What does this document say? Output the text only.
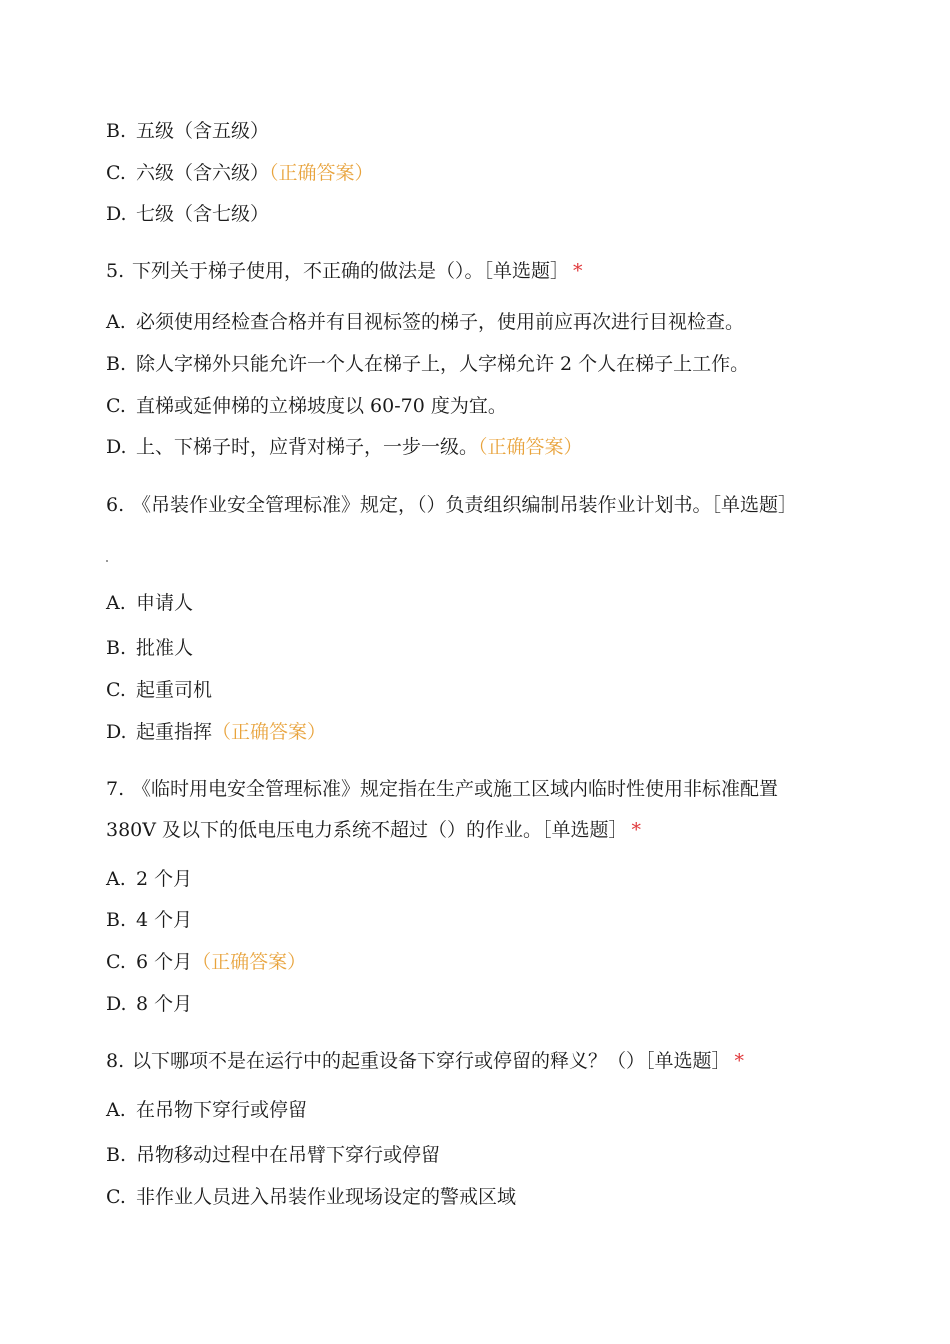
B. 五级（含五级）
C. 六级（含六级）（正确答案）
D. 七级（含七级）
5. 下列关于梯子使用，不正确的做法是（）。［单选题］ *
A. 必须使用经检查合格并有目视标签的梯子，使用前应再次进行目视检查。
B. 除人字梯外只能允许一个人在梯子上，人字梯允许 2 个人在梯子上工作。
C. 直梯或延伸梯的立梯坡度以 60-70 度为宜。
D. 上、下梯子时，应背对梯子，一步一级。（正确答案）
6. 《吊装作业安全管理标准》规定，（）负责组织编制吊装作业计划书。［单选题］
A. 申请人
B. 批准人
C. 起重司机
D. 起重指挥（正确答案）
7. 《临时用电安全管理标准》规定指在生产或施工区域内临时性使用非标准配置
380V 及以下的低电压电力系统不超过（）的作业。［单选题］ *
A. 2 个月
B. 4 个月
C. 6 个月（正确答案）
D. 8 个月
8. 以下哪项不是在运行中的起重设备下穿行或停留的释义？（）［单选题］ *
A. 在吊物下穿行或停留
B. 吊物移动过程中在吊臂下穿行或停留
C. 非作业人员进入吊装作业现场设定的警戒区域
